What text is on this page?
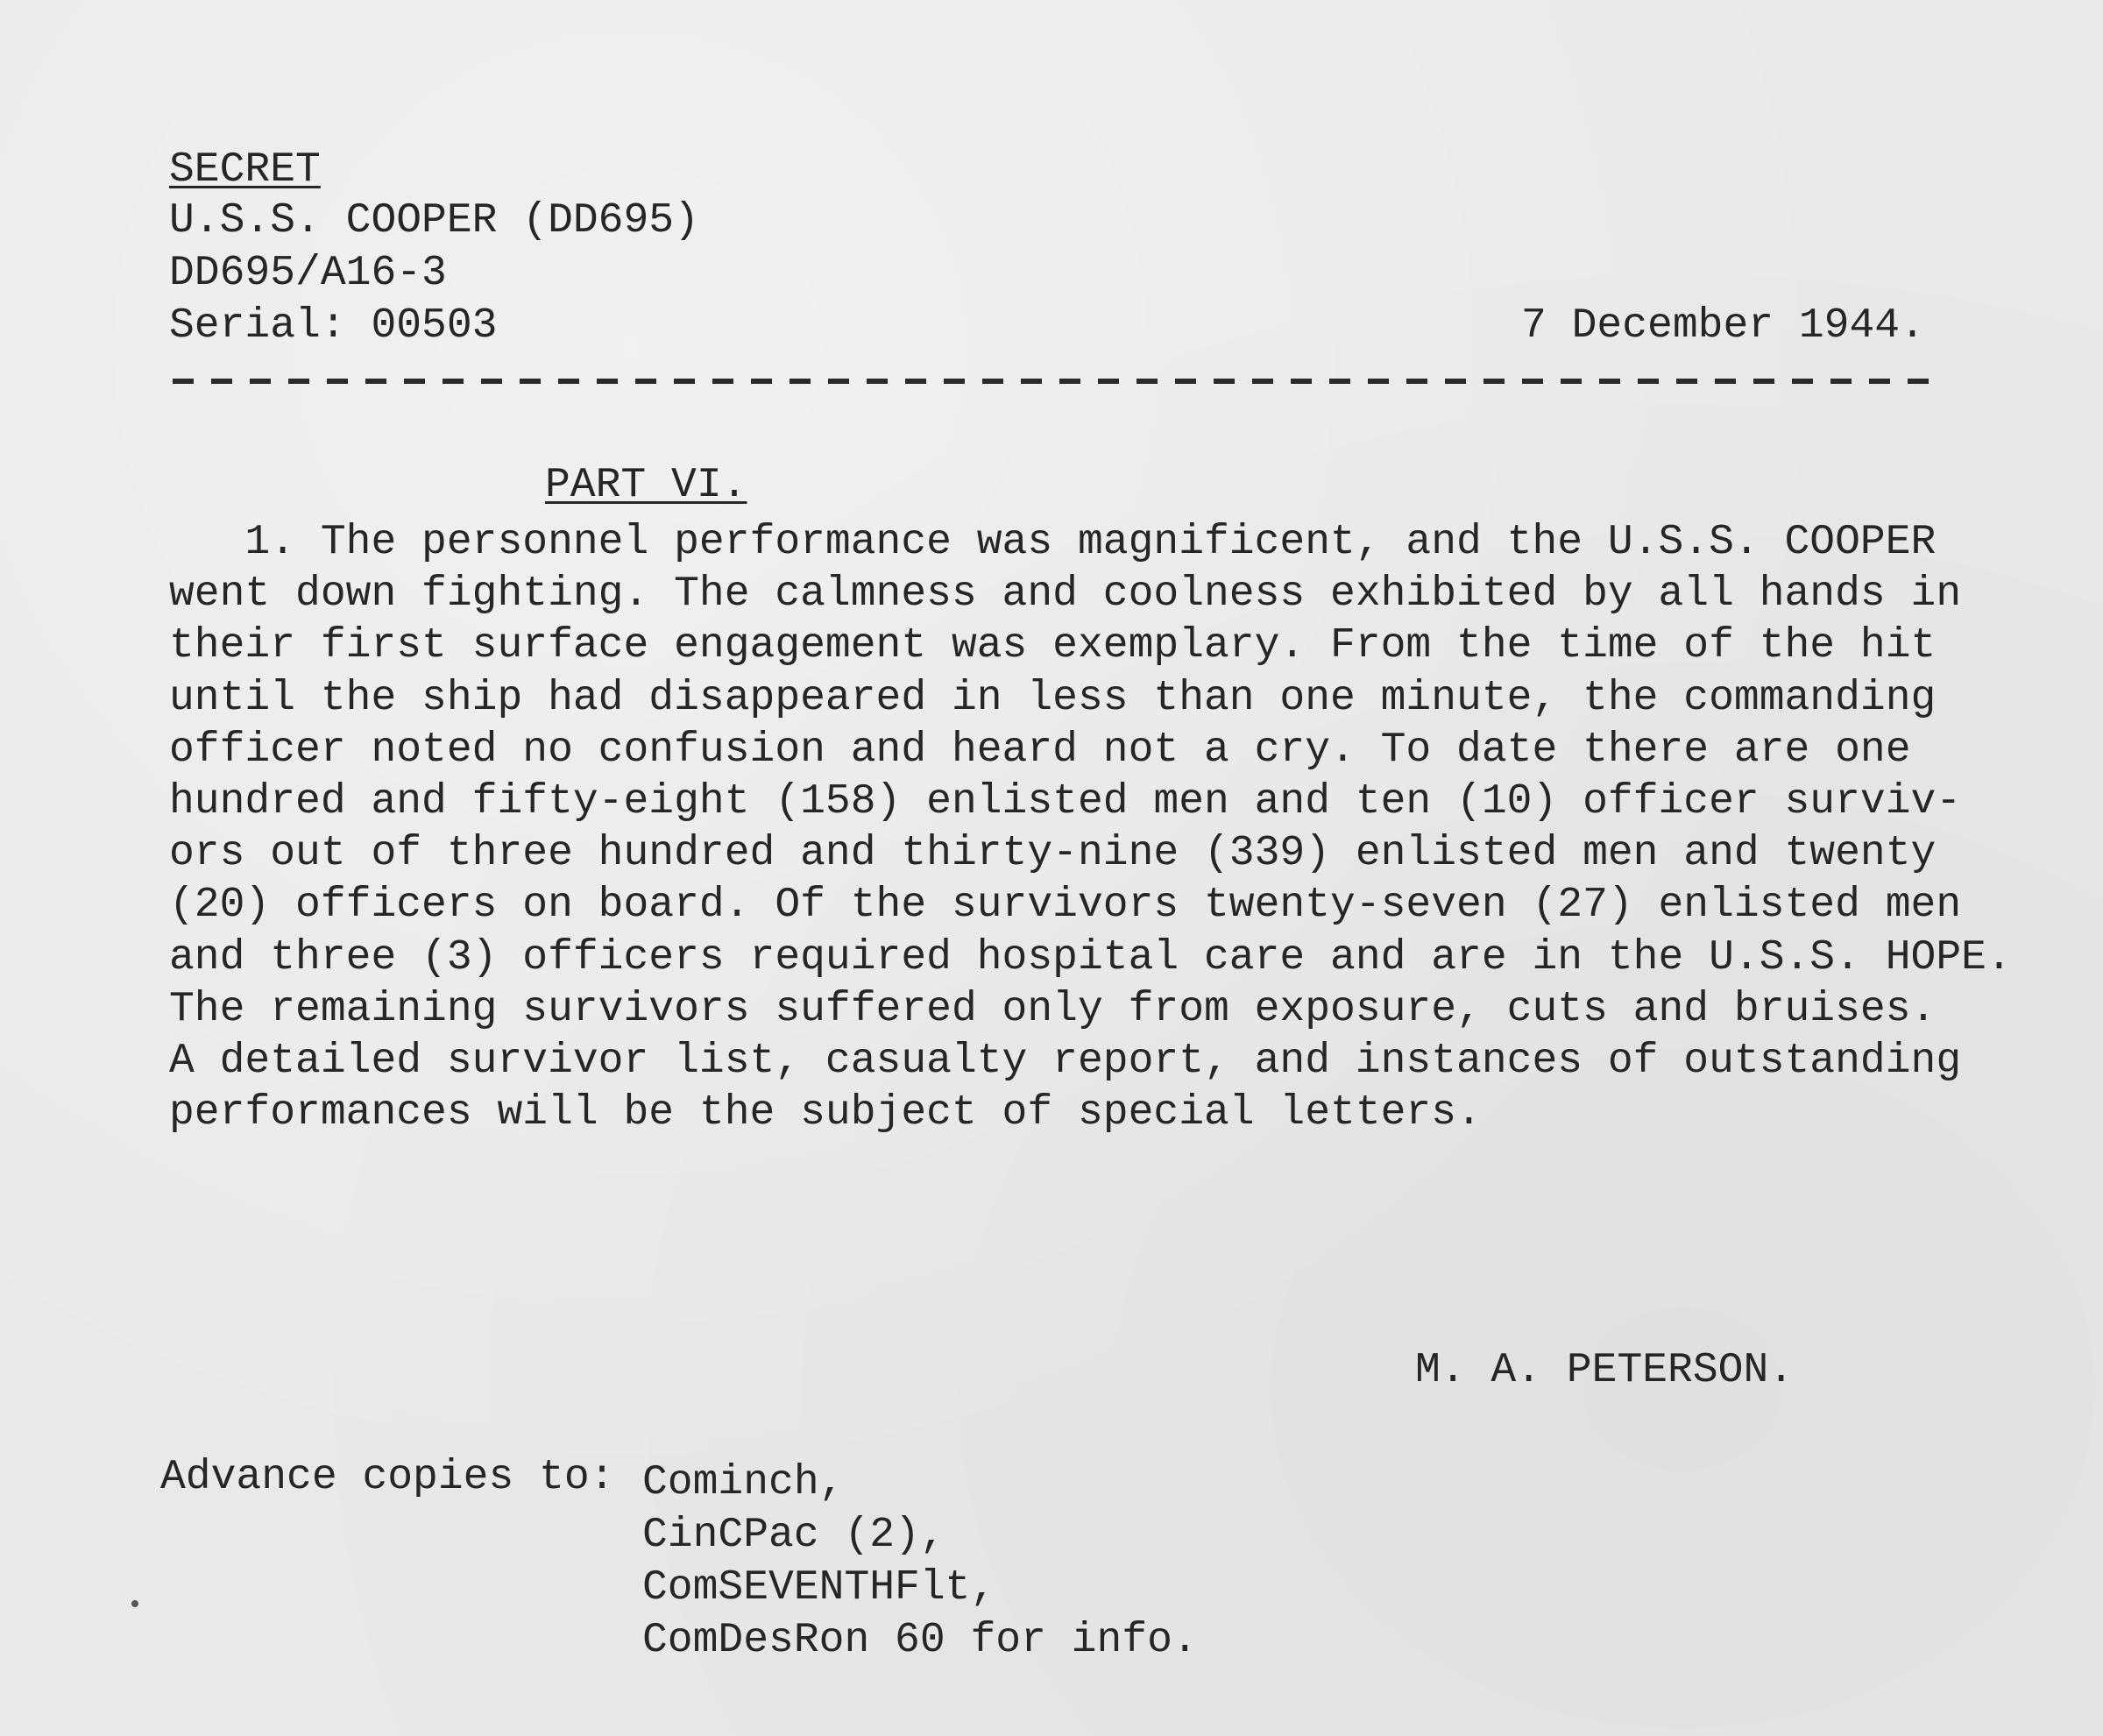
SECRET
U.S.S. COOPER (DD695)
DD695/A16-3
Serial: 00503	7 December 1944.
PART VI.
1. The personnel performance was magnificent, and the U.S.S. COOPER
went down fighting. The calmness and coolness exhibited by all hands in
their first surface engagement was exemplary. From the time of the hit
until the ship had disappeared in less than one minute, the commanding
officer noted no confusion and heard not a cry. To date there are one
hundred and fifty-eight (158) enlisted men and ten (10) officer surviv-
ors out of three hundred and thirty-nine (339) enlisted men and twenty
(20) officers on board. Of the survivors twenty-seven (27) enlisted men
and three (3) officers required hospital care and are in the U.S.S. HOPE.
The remaining survivors suffered only from exposure, cuts and bruises.
A detailed survivor list, casualty report, and instances of outstanding
performances will be the subject of special letters.
M. A. PETERSON.
Advance copies to: Cominch,
CinCPac (2),
ComSEVENTHFlt,
ComDesRon 60 for info.
